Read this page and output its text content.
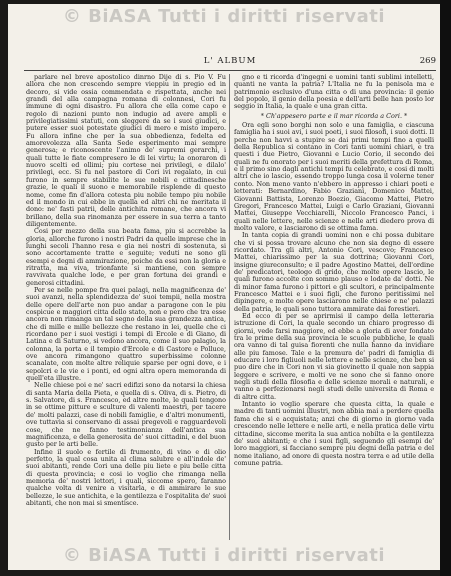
© BiASA Tutti i diritti riservati
L' ALBUM	269

parlare nel breve apostolico dinrno Dije di s. Pio V. Fu allora che non crescendo sempre vieppiu in pregio ed in decoro, si vide ossia commendata e rispettata, anche nei grandi del alla campagna romana di colonnesi, Cori fu immune di ogni disastro. Fu allora che ella come capo e regolo di nazioni punto non indugio ad avere ampli e privilegiatissimi statuti, con sleggere da se i suoi giudici, e putere esser suoi potestate giudici di mero e misto impero. Fu allora infine che per la sua obbedienza, fedelta ed amorevolezza alla Santa Sede esperimento mai sempre generosa; e riconoscente l'animo de' supremi gerarchi, i quali tutte le fiate compresero le di lei virtu; la onoraron di nuovo scelti ed ollimi; piu cortese nei privilegi, e dilalo' privilegi, ecc. Si fu nel pastore di Cori ivi regalato, in cui furono in sempre stabilite le sue nobili e cittadinesche grazie, le quali il suono e memorabile risplende di questo nome, come fin d'allora cotesta piu nobile tempo piu nobile ed il mondo in cui ebbe in quella ed altri chi ne meritata il dono: ne' fasti patrii, delle antichita romane, che ancora vi brillano, della sua rinomanza per essere in sua terra a tanto diligentemente.

Cosi per mezzo della sua beata fama, piu si accrebbe la gloria, allorche furono i nostri Padri da quelle imprese che in lunghi secoli l'hanno resa e gia nei nostri di sostenuta, si sono accortamente tratte e seguite; veduti ne sono gli esempi e degni di ammirazione, poiche da essi non la gloria e ritratta, ma viva, trionfante si mantiene, con sempre ravvivata qualche lode, e per gran fortuna dei grandi e generosi cittadini.

Per se nelle pompe fra quei palagi, nella magnificenza de' suoi avanzi, nella splendidezza de' suoi tempii, nella mostra delle opere dell'arte non puo andar a paragone con le piu cospicue e maggiori citta dello stato, non e pero che tra esse ancora non rimanga un tal segno della sua grandezza antica, che di mille e mille bellezze che restano in lei, quelle che ci ricordano per i suoi vestigi i tempi di Ercole e di Giano, di Latina e di Saturno, si vedono ancora, come il suo palagio, la colonna, la porta e il tempio d'Ercole e di Castore e Polluce, ove ancora rimangono quattro superbissime colonne scanalate, con molte altre reliquie sparse per ogni dove, e i sepolcri e le vie e i ponti, ed ogni altra opera memoranda di quell'eta illustre.

Nelle chiese poi e ne' sacri edifizi sono da notarsi la chiesa di santa Maria della Pieta, e quella di s. Oliva, di s. Pietro, di s. Salvatore, di s. Francesco, ed altre molte, le quali tengono in se ottime pitture e sculture di valenti maestri, per tacere de' molti palazzi, case di nobili famiglie, e d'altri monumenti, ove tuttavia si conservano di assai pregevoli e ragguardevoli cose, che ne fanno testimonianza dell'antica sua magnificenza, e della generosita de' suoi cittadini, e del buon gusto per le arti belle.

Infine il suolo e fertile di frumento, di vino e di olio perfetto, la qual cosa unita al clima salubre e all'indole de' suoi abitanti, rende Cori una delle piu liete e piu belle citta di questa provincia; e cosi io voglio che rimanga nella memoria de' nostri lettori, i quali, siccome spero, faranno qualche volta di venire a visitarla, e di ammirare le sue bellezze, le sue antichita, e la gentilezza e l'ospitalita de' suoi abitanti, che non mai si smentisce.

gno e ti ricorda d'ingegni e uomini tanti sublimi intelletti, quanti ne vanta la patria? L'Italia ne fu la penisola ma e patrimonio esclusivo d'una citta o di una provincia: il genio del popolo, il genio della poesia e dell'arti belle han posto lor seggio in Italia, la quale e una gran citta.

* Ch'appesero parte e il mar ricorda a Cori. *

Ora egli sono borghi non solo e una famiglia, e ciascuna famiglia ha i suoi avi, i suoi poeti, i suoi filosofi, i suoi dotti. Il perche non havvi a stupire se dai primi tempi fino a quelli della Republica si contano in Cori tanti uomini chiari, e tra questi i due Pietro, Giovanni e Lucio Corio, il secondo dei quali ne fu onorato per i suoi meriti della prefettura di Roma, e il primo sino dagli antichi tempi fu celebrato, e cosi di molti altri che io lascio, essendo troppo lunga cosa il volerne tener conto. Non meno vanto n'ebbero in appresso i chiari poeti e letterati: Bernardino, Fabio Graziani, Domenico Mattei, Giovanni Battista, Lorenzo Boezio, Giacomo Mattei, Pietro Gregori, Francesco Mattei, Luigi e Carlo Graziani, Giovanni Mattei, Giuseppe Vecchiarelli, Niccolo Francesco Panci, i quali nelle lettere, nelle scienze e nelle arti diedero prova di molto valore, e lasciarono di se ottima fama.

In tanta copia di grandi uomini non e chi possa dubitare che vi si possa trovare alcuno che non sia degno di essere ricordato. Tra gli altri, Antonio Cori, vescovo; Francesco Mattei, chiarissimo per la sua dottrina; Giovanni Cori, insigne giureconsulto; e il padre Agostino Mattei, dell'ordine de' predicatori, teologo di grido, che molte opere lascio, le quali furono accolte con sommo plauso e lodate da' dotti. Ne di minor fama furono i pittori e gli scultori, e principalmente Francesco Mattei e i suoi figli, che furono peritissimi nel dipingere, e molte opere lasciarono nelle chiese e ne' palazzi della patria, le quali sono tuttora ammirate dai forestieri.

Ed ecco di per se aprirmisi il campo della letteraria istruzione di Cori, la quale secondo un chiaro progresso di giorni, vede farsi maggiore, ed ebbe a gloria di aver fondato tra le prime della sua provincia le scuole pubbliche, le quali ora vanno di tal guisa fiorenti che nulla hanno da invidiare alle piu famose. Tale e la premura de' padri di famiglia di educare i loro figliuoli nelle lettere e nelle scienze, che ben si puo dire che in Cori non vi sia giovinetto il quale non sappia leggere e scrivere, e molti ve ne sono che si fanno onore negli studi della filosofia e delle scienze morali e naturali, e vanno a perfezionarsi negli studi delle universita di Roma e di altre citta.

Intanto io voglio sperare che questa citta, la quale e madre di tanti uomini illustri, non abbia mai a perdere quella fama che si e acquistata; anzi che di giorno in giorno vada crescendo nelle lettere e nelle arti, e nella pratica delle virtu cittadine, siccome merita la sua antica nobilta e la gentilezza de' suoi abitanti; e che i suoi figli, seguendo gli esempi de' loro maggiori, si facciano sempre piu degni della patria e del nome italiano, ad onore di questa nostra terra e ad utile della comune patria.

© BiASA Tutti i diritti riservati
